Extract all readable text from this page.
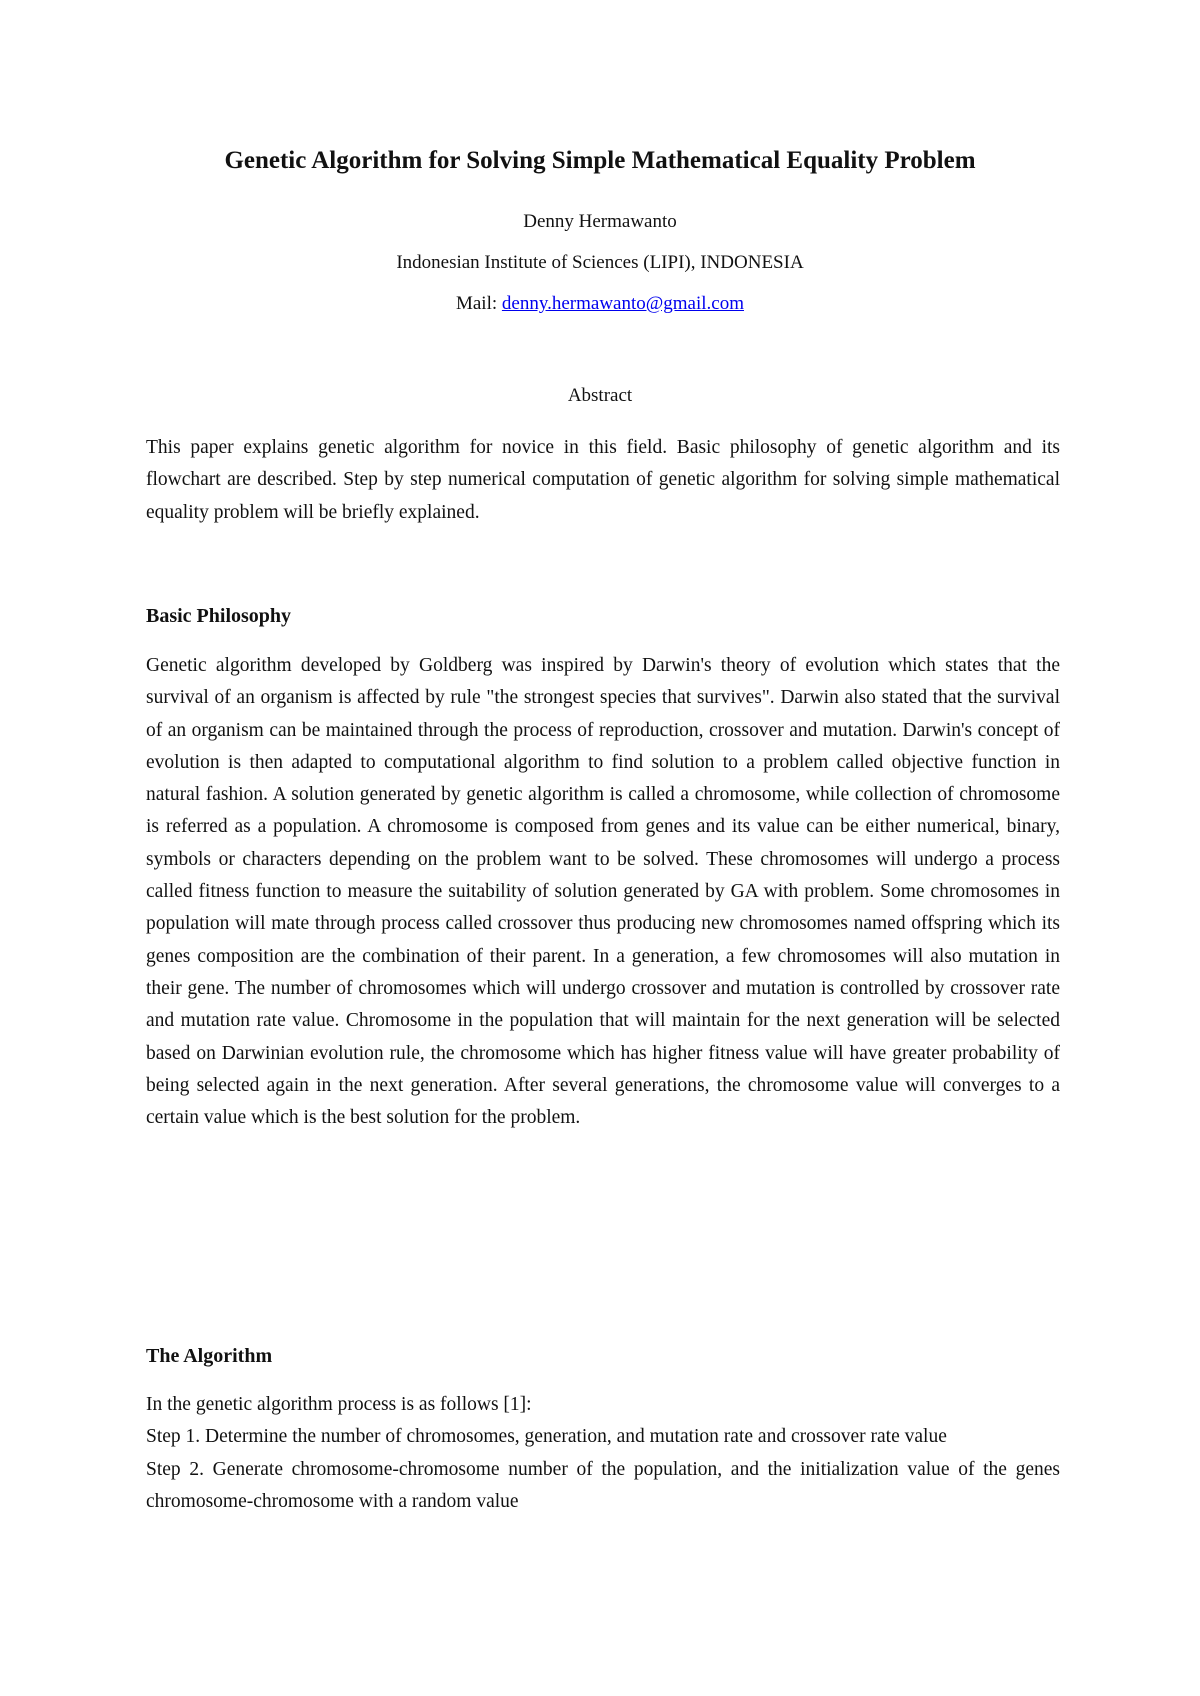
Genetic Algorithm for Solving Simple Mathematical Equality Problem
Denny Hermawanto
Indonesian Institute of Sciences (LIPI), INDONESIA
Mail: denny.hermawanto@gmail.com
Abstract

This paper explains genetic algorithm for novice in this field. Basic philosophy of genetic algorithm and its flowchart are described. Step by step numerical computation of genetic algorithm for solving simple mathematical equality problem will be briefly explained.

Basic Philosophy

Genetic algorithm developed by Goldberg was inspired by Darwin's theory of evolution which states that the survival of an organism is affected by rule "the strongest species that survives". Darwin also stated that the survival of an organism can be maintained through the process of reproduction, crossover and mutation. Darwin's concept of evolution is then adapted to computational algorithm to find solution to a problem called objective function in natural fashion. A solution generated by genetic algorithm is called a chromosome, while collection of chromosome is referred as a population. A chromosome is composed from genes and its value can be either numerical, binary, symbols or characters depending on the problem want to be solved. These chromosomes will undergo a process called fitness function to measure the suitability of solution generated by GA with problem. Some chromosomes in population will mate through process called crossover thus producing new chromosomes named offspring which its genes composition are the combination of their parent. In a generation, a few chromosomes will also mutation in their gene. The number of chromosomes which will undergo crossover and mutation is controlled by crossover rate and mutation rate value. Chromosome in the population that will maintain for the next generation will be selected based on Darwinian evolution rule, the chromosome which has higher fitness value will have greater probability of being selected again in the next generation. After several generations, the chromosome value will converges to a certain value which is the best solution for the problem.

The Algorithm
In the genetic algorithm process is as follows [1]:
Step 1. Determine the number of chromosomes, generation, and mutation rate and crossover rate value
Step 2. Generate chromosome-chromosome number of the population, and the initialization value of the genes chromosome-chromosome with a random value
